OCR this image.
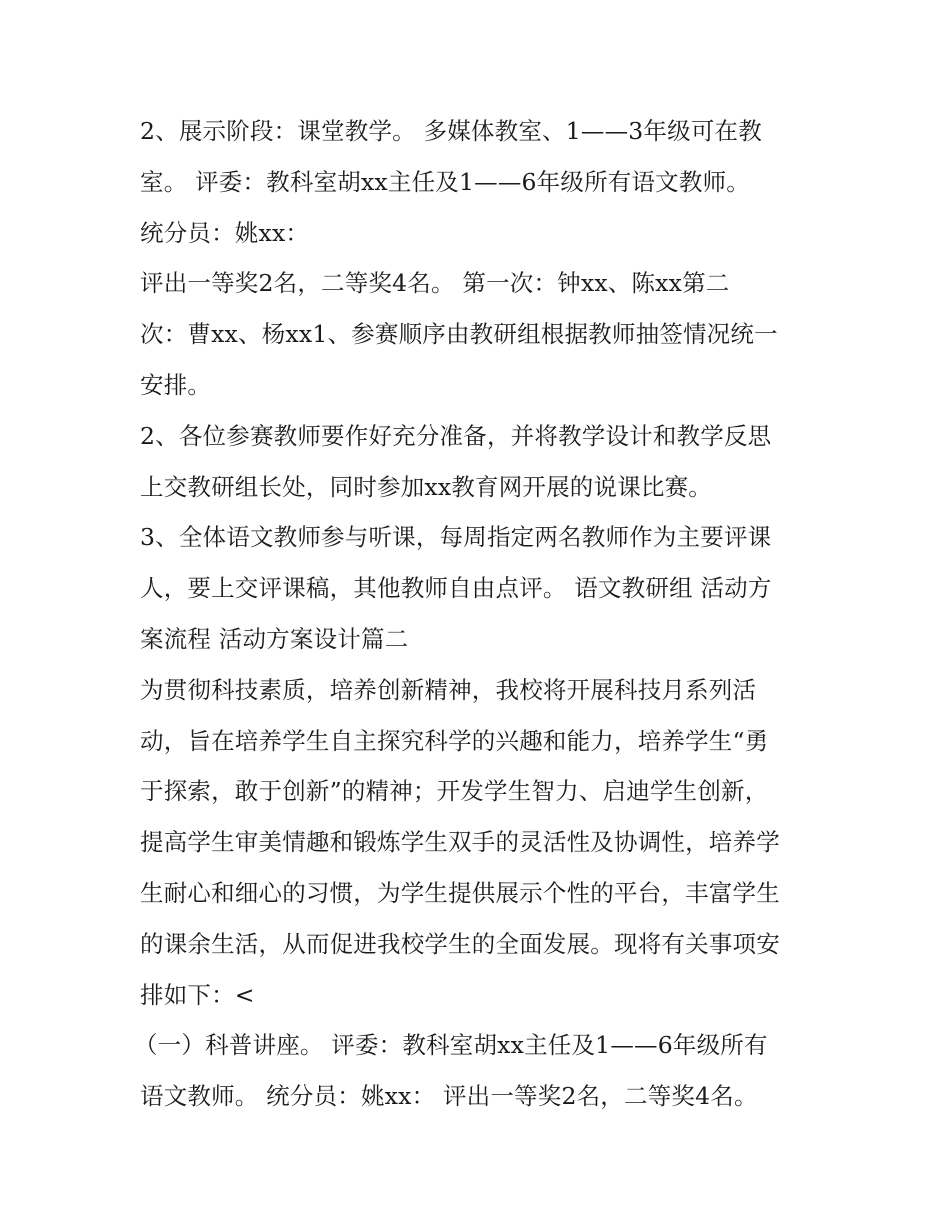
2、展示阶段：课堂教学。 多媒体教室、1——3年级可在教
室。 评委：教科室胡xx主任及1——6年级所有语文教师。
统分员：姚xx：
评出一等奖2名，二等奖4名。 第一次：钟xx、陈xx第二
次：曹xx、杨xx1、参赛顺序由教研组根据教师抽签情况统一
安排。
2、各位参赛教师要作好充分准备，并将教学设计和教学反思
上交教研组长处，同时参加xx教育网开展的说课比赛。
3、全体语文教师参与听课，每周指定两名教师作为主要评课
人，要上交评课稿，其他教师自由点评。 语文教研组 活动方
案流程 活动方案设计篇二
为贯彻科技素质，培养创新精神，我校将开展科技月系列活
动，旨在培养学生自主探究科学的兴趣和能力，培养学生“勇
于探索，敢于创新”的精神；开发学生智力、启迪学生创新，
提高学生审美情趣和锻炼学生双手的灵活性及协调性，培养学
生耐心和细心的习惯，为学生提供展示个性的平台，丰富学生
的课余生活，从而促进我校学生的全面发展。现将有关事项安
排如下：<
（一）科普讲座。 评委：教科室胡xx主任及1——6年级所有
语文教师。 统分员：姚xx： 评出一等奖2名，二等奖4名。
